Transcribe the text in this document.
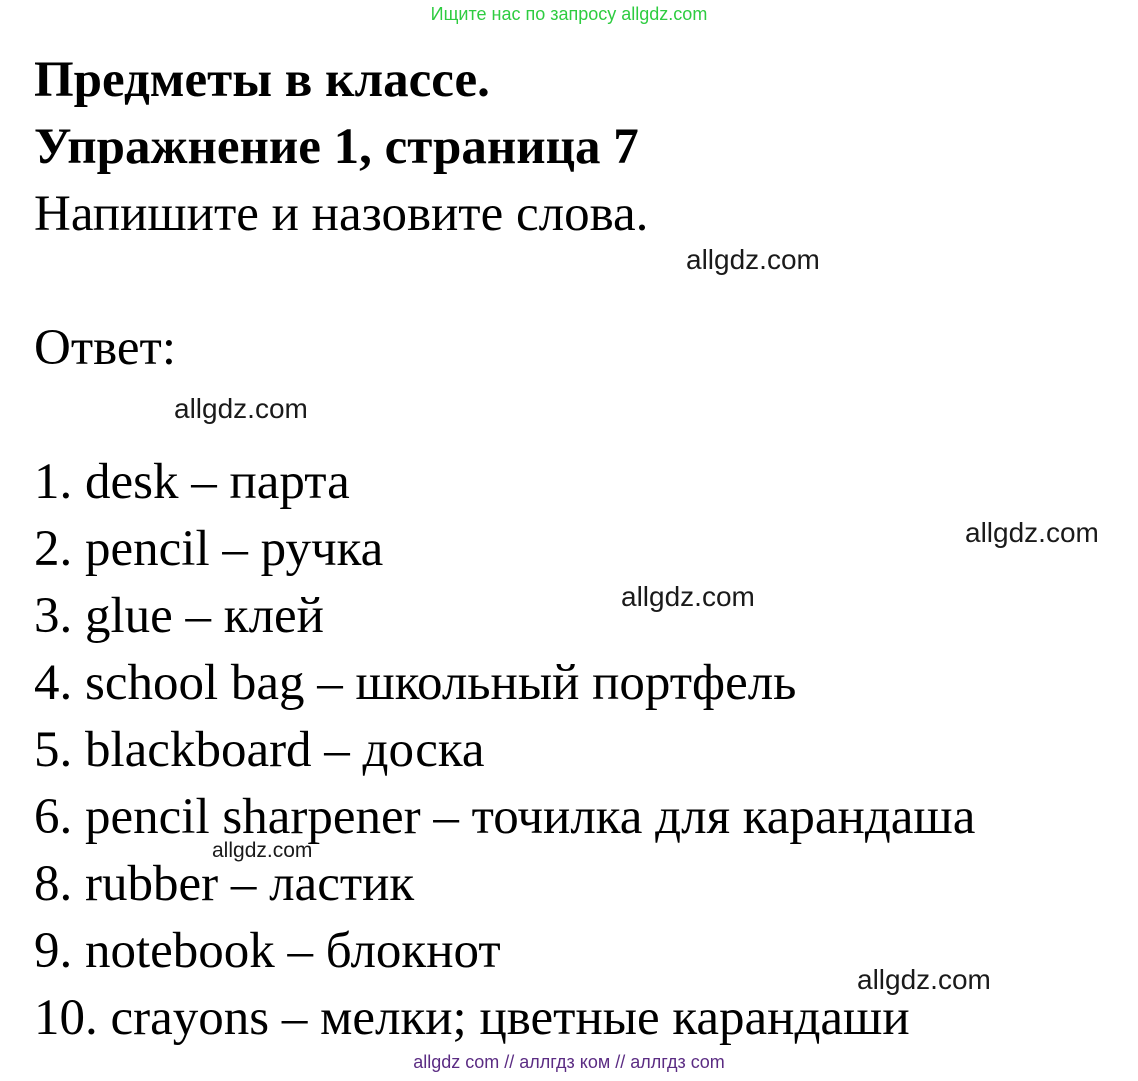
Ищите нас по запросу allgdz.com
Предметы в классе.
Упражнение 1, страница 7
Напишите и назовите слова.
allgdz.com
Ответ:
allgdz.com
1. desk – парта
2. pencil – ручка
3. glue – клей
4. school bag – школьный портфель
5. blackboard – доска
6. pencil sharpener – точилка для карандаша
8. rubber – ластик
9. notebook – блокнот
10. crayons – мелки; цветные карандаши
allgdz.com
allgdz.com
allgdz.com
allgdz.com
allgdz com // аллгдз ком // аллгдз com
